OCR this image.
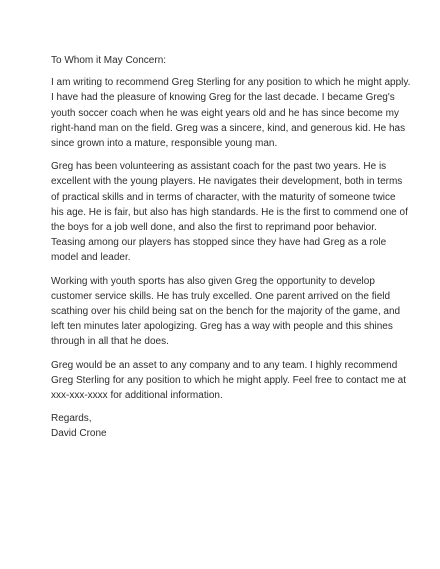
To Whom it May Concern:

I am writing to recommend Greg Sterling for any position to which he might apply.
I have had the pleasure of knowing Greg for the last decade. I became Greg's
youth soccer coach when he was eight years old and he has since become my
right-hand man on the field. Greg was a sincere, kind, and generous kid. He has
since grown into a mature, responsible young man.

Greg has been volunteering as assistant coach for the past two years. He is
excellent with the young players. He navigates their development, both in terms
of practical skills and in terms of character, with the maturity of someone twice
his age. He is fair, but also has high standards. He is the first to commend one of
the boys for a job well done, and also the first to reprimand poor behavior.
Teasing among our players has stopped since they have had Greg as a role
model and leader.

Working with youth sports has also given Greg the opportunity to develop
customer service skills. He has truly excelled. One parent arrived on the field
scathing over his child being sat on the bench for the majority of the game, and
left ten minutes later apologizing. Greg has a way with people and this shines
through in all that he does.

Greg would be an asset to any company and to any team. I highly recommend
Greg Sterling for any position to which he might apply. Feel free to contact me at
xxx-xxx-xxxx for additional information.

Regards,

David Crone
